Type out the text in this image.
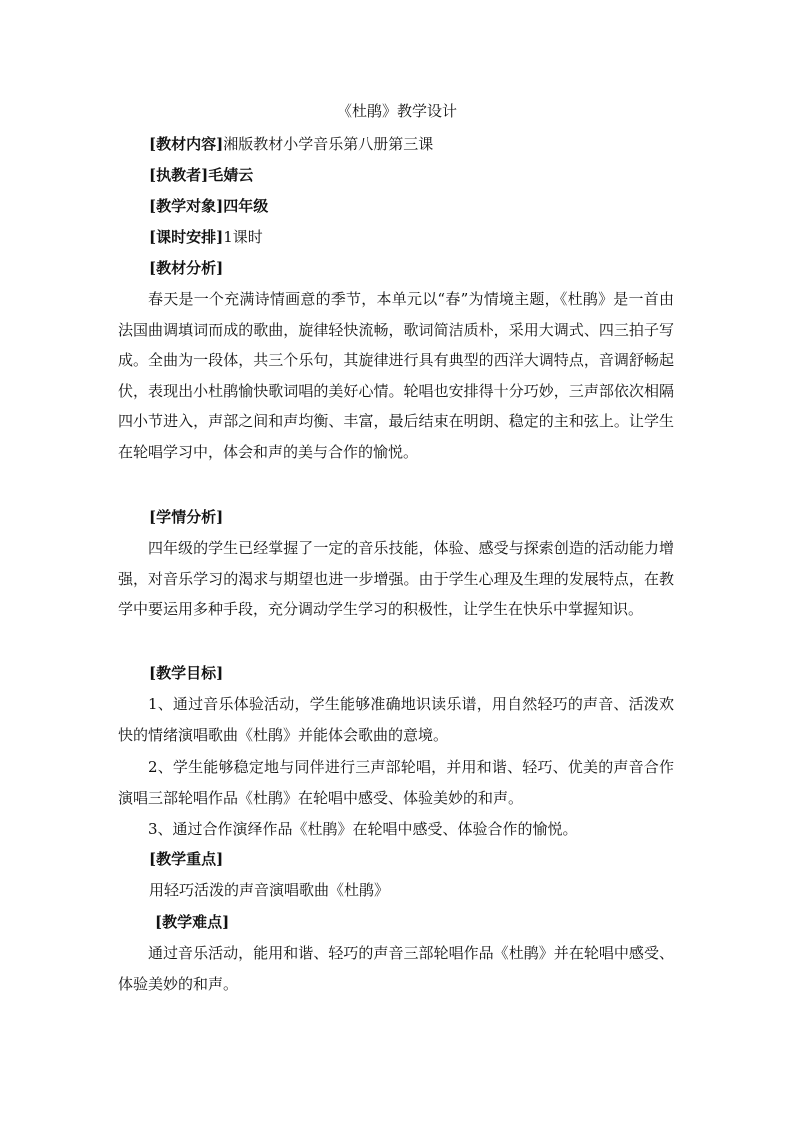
《杜鹃》教学设计
[教材内容]湘版教材小学音乐第八册第三课
[执教者]毛婧云
[教学对象]四年级
[课时安排]1课时
[教材分析]
春天是一个充满诗情画意的季节，本单元以“春”为情境主题，《杜鹃》是一首由法国曲调填词而成的歌曲，旋律轻快流畅，歌词简洁质朴，采用大调式、四三拍子写成。全曲为一段体，共三个乐句，其旋律进行具有典型的西洋大调特点，音调舒畅起伏，表现出小杜鹃愉快歌词唱的美好心情。轮唱也安排得十分巧妙，三声部依次相隔四小节进入，声部之间和声均衡、丰富，最后结束在明朗、稳定的主和弦上。让学生在轮唱学习中，体会和声的美与合作的愉悦。
[学情分析]
四年级的学生已经掌握了一定的音乐技能，体验、感受与探索创造的活动能力增强，对音乐学习的渴求与期望也进一步增强。由于学生心理及生理的发展特点，在教学中要运用多种手段，充分调动学生学习的积极性，让学生在快乐中掌握知识。
[教学目标]
1、通过音乐体验活动，学生能够准确地识读乐谱，用自然轻巧的声音、活泼欢快的情绪演唱歌曲《杜鹃》并能体会歌曲的意境。
2、学生能够稳定地与同伴进行三声部轮唱，并用和谐、轻巧、优美的声音合作演唱三部轮唱作品《杜鹃》在轮唱中感受、体验美妙的和声。
3、通过合作演绎作品《杜鹃》在轮唱中感受、体验合作的愉悦。
[教学重点]
用轻巧活泼的声音演唱歌曲《杜鹃》
[教学难点]
通过音乐活动，能用和谐、轻巧的声音三部轮唱作品《杜鹃》并在轮唱中感受、体验美妙的和声。
